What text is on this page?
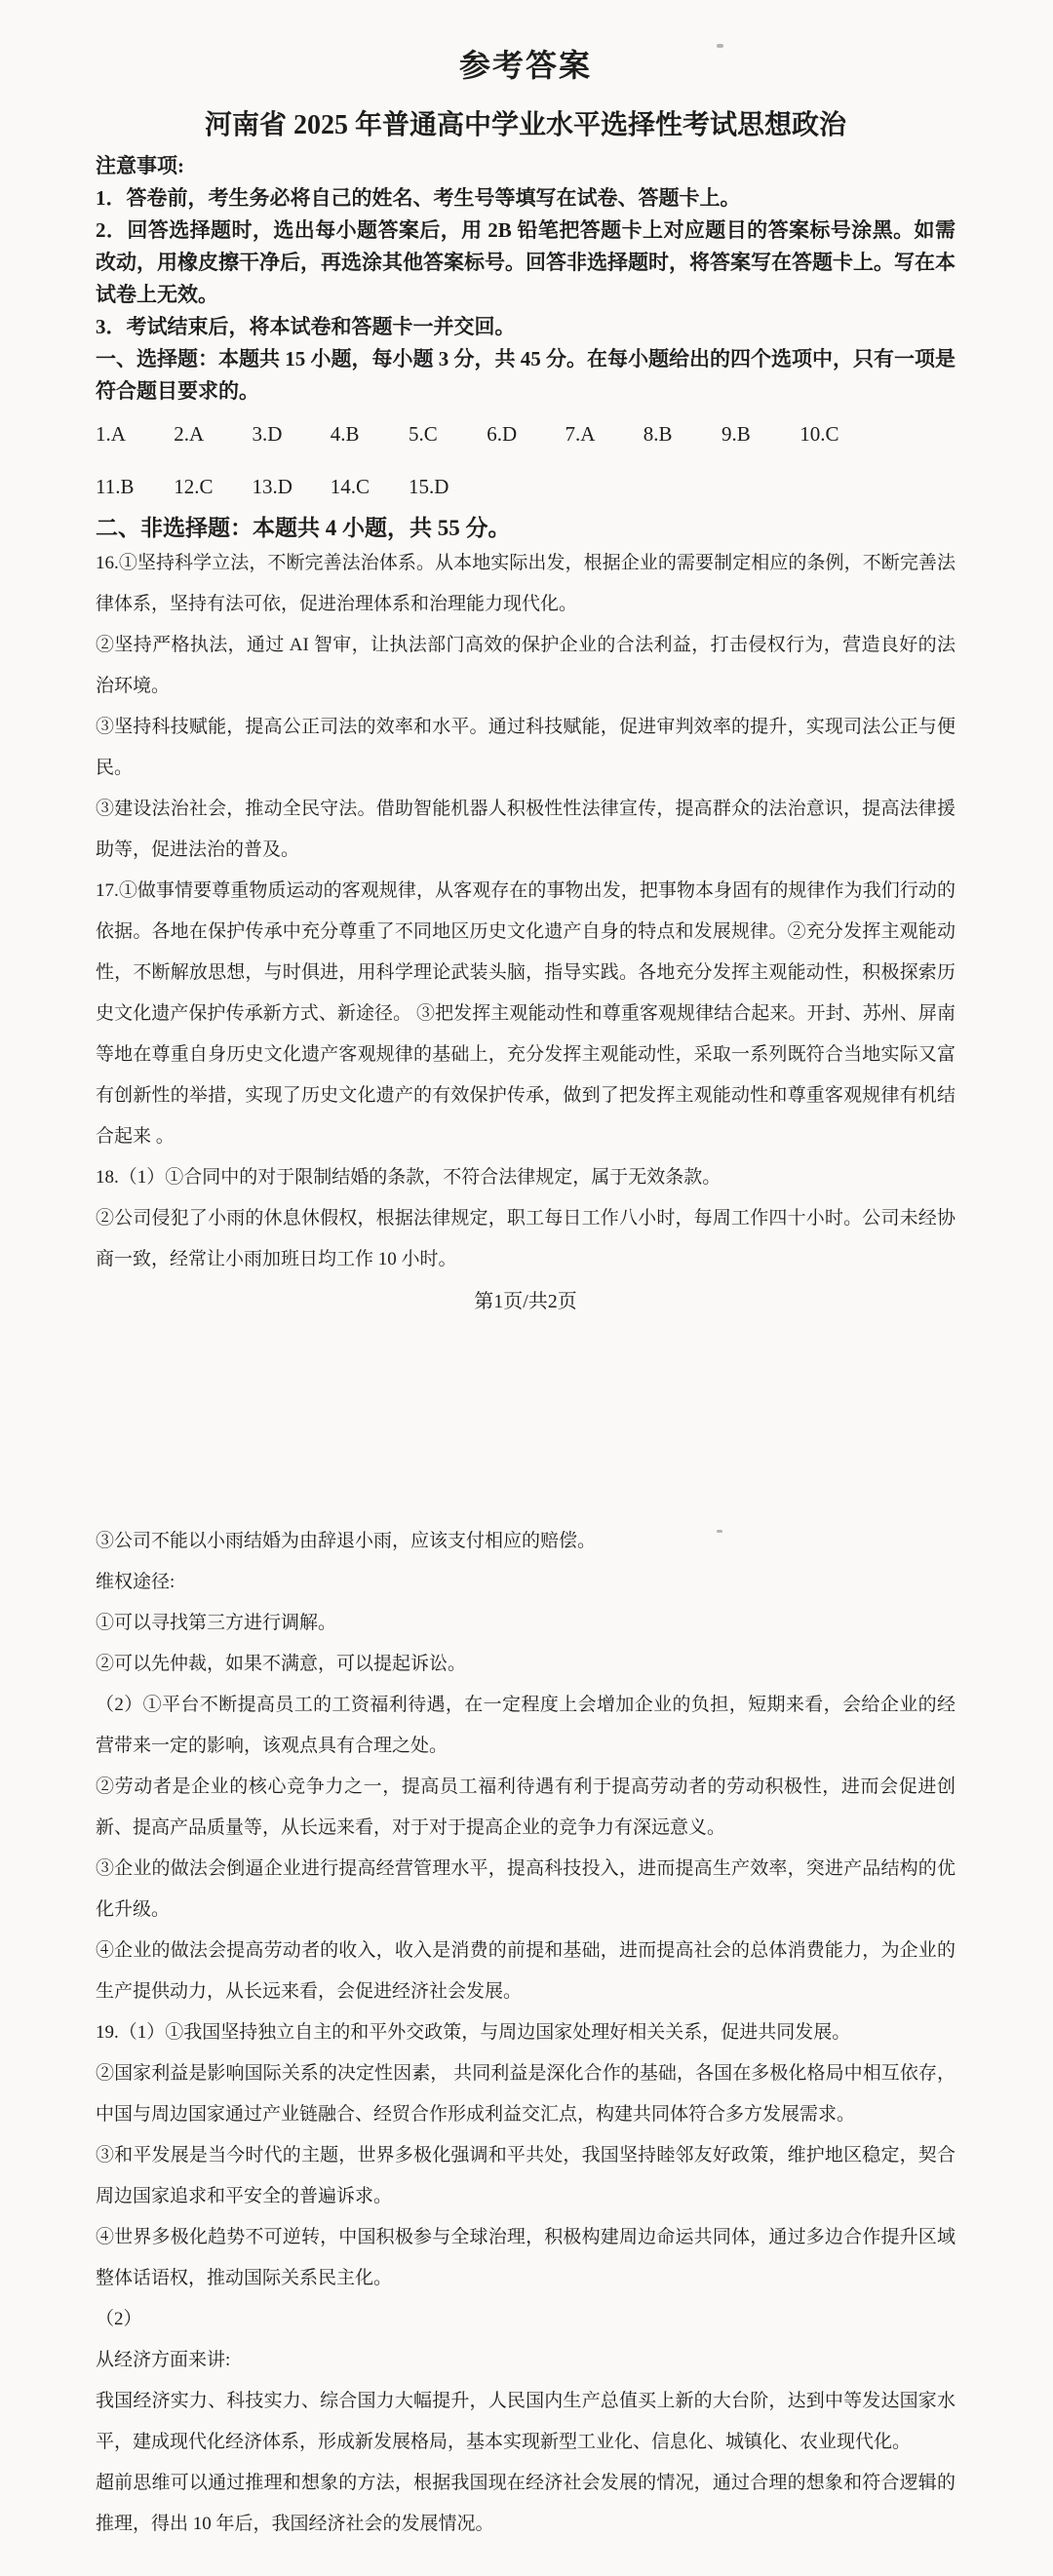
参考答案
河南省 2025 年普通高中学业水平选择性考试思想政治

注意事项:

1．答卷前，考生务必将自己的姓名、考生号等填写在试卷、答题卡上。

2．回答选择题时，选出每小题答案后，用 2B 铅笔把答题卡上对应题目的答案标号涂黑。如需改动，用橡皮擦干净后，再选涂其他答案标号。回答非选择题时，将答案写在答题卡上。写在本试卷上无效。

3．考试结束后，将本试卷和答题卡一并交回。

一、选择题：本题共 15 小题，每小题 3 分，共 45 分。在每小题给出的四个选项中，只有一项是符合题目要求的。

1.A 2.A 3.D 4.B 5.C 6.D 7.A 8.B 9.B 10.C
11.B 12.C 13.D 14.C 15.D

二、非选择题：本题共 4 小题，共 55 分。

16.①坚持科学立法，不断完善法治体系。从本地实际出发，根据企业的需要制定相应的条例，不断完善法律体系，坚持有法可依，促进治理体系和治理能力现代化。

②坚持严格执法，通过 AI 智审，让执法部门高效的保护企业的合法利益，打击侵权行为，营造良好的法治环境。

③坚持科技赋能，提高公正司法的效率和水平。通过科技赋能，促进审判效率的提升，实现司法公正与便民。

③建设法治社会，推动全民守法。借助智能机器人积极性性法律宣传，提高群众的法治意识，提高法律援助等，促进法治的普及。

17.①做事情要尊重物质运动的客观规律，从客观存在的事物出发，把事物本身固有的规律作为我们行动的依据。各地在保护传承中充分尊重了不同地区历史文化遗产自身的特点和发展规律。②充分发挥主观能动性，不断解放思想，与时俱进，用科学理论武装头脑，指导实践。各地充分发挥主观能动性，积极探索历史文化遗产保护传承新方式、新途径。 ③把发挥主观能动性和尊重客观规律结合起来。开封、苏州、屏南等地在尊重自身历史文化遗产客观规律的基础上，充分发挥主观能动性，采取一系列既符合当地实际又富有创新性的举措，实现了历史文化遗产的有效保护传承，做到了把发挥主观能动性和尊重客观规律有机结合起来 。

18.（1）①合同中的对于限制结婚的条款，不符合法律规定，属于无效条款。

②公司侵犯了小雨的休息休假权，根据法律规定，职工每日工作八小时，每周工作四十小时。公司未经协商一致，经常让小雨加班日均工作 10 小时。

第1页/共2页

③公司不能以小雨结婚为由辞退小雨，应该支付相应的赔偿。

维权途径:

①可以寻找第三方进行调解。

②可以先仲裁，如果不满意，可以提起诉讼。

（2）①平台不断提高员工的工资福利待遇，在一定程度上会增加企业的负担，短期来看，会给企业的经营带来一定的影响，该观点具有合理之处。

②劳动者是企业的核心竞争力之一，提高员工福利待遇有利于提高劳动者的劳动积极性，进而会促进创新、提高产品质量等，从长远来看，对于对于提高企业的竞争力有深远意义。

③企业的做法会倒逼企业进行提高经营管理水平，提高科技投入，进而提高生产效率，突进产品结构的优化升级。

④企业的做法会提高劳动者的收入，收入是消费的前提和基础，进而提高社会的总体消费能力，为企业的生产提供动力，从长远来看，会促进经济社会发展。

19.（1）①我国坚持独立自主的和平外交政策，与周边国家处理好相关关系，促进共同发展。

②国家利益是影响国际关系的决定性因素， 共同利益是深化合作的基础，各国在多极化格局中相互依存，中国与周边国家通过产业链融合、经贸合作形成利益交汇点，构建共同体符合多方发展需求。

③和平发展是当今时代的主题，世界多极化强调和平共处，我国坚持睦邻友好政策，维护地区稳定，契合周边国家追求和平安全的普遍诉求。

④世界多极化趋势不可逆转，中国积极参与全球治理，积极构建周边命运共同体，通过多边合作提升区域整体话语权，推动国际关系民主化。

（2）

从经济方面来讲:

我国经济实力、科技实力、综合国力大幅提升，人民国内生产总值买上新的大台阶，达到中等发达国家水平，建成现代化经济体系，形成新发展格局，基本实现新型工业化、信息化、城镇化、农业现代化。

超前思维可以通过推理和想象的方法，根据我国现在经济社会发展的情况，通过合理的想象和符合逻辑的推理，得出 10 年后，我国经济社会的发展情况。
